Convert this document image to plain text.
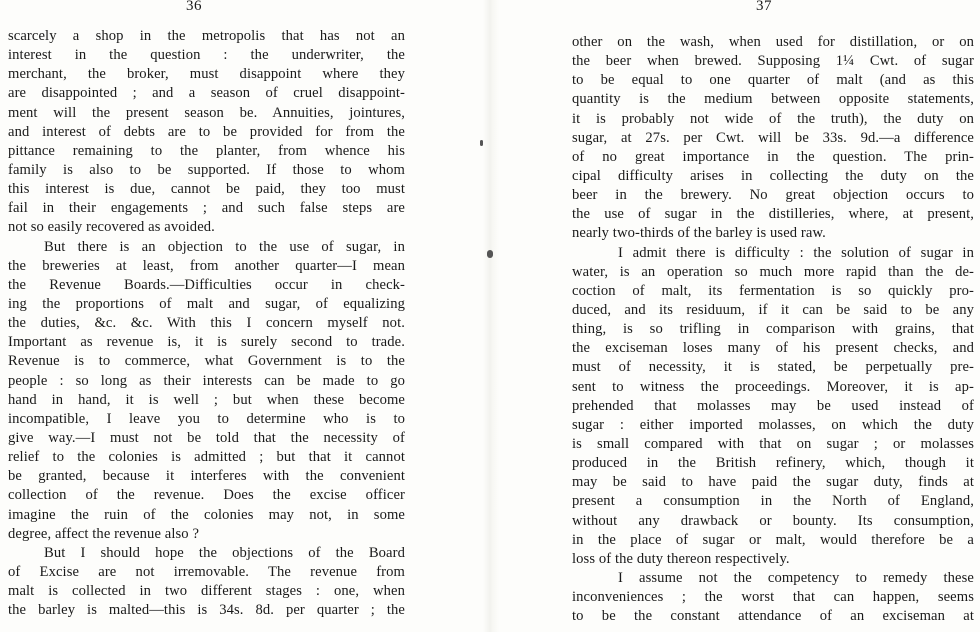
36
scarcely a shop in the metropolis that has not an
interest in the question : the underwriter, the
merchant, the broker, must disappoint where they
are disappointed ; and a season of cruel disappoint-
ment will the present season be. Annuities, jointures,
and interest of debts are to be provided for from the
pittance remaining to the planter, from whence his
family is also to be supported. If those to whom
this interest is due, cannot be paid, they too must
fail in their engagements ; and such false steps are
not so easily recovered as avoided.
But there is an objection to the use of sugar, in
the breweries at least, from another quarter—I mean
the Revenue Boards.—Difficulties occur in check-
ing the proportions of malt and sugar, of equalizing
the duties, &c. &c. With this I concern myself not.
Important as revenue is, it is surely second to trade.
Revenue is to commerce, what Government is to the
people : so long as their interests can be made to go
hand in hand, it is well ; but when these become
incompatible, I leave you to determine who is to
give way.—I must not be told that the necessity of
relief to the colonies is admitted ; but that it cannot
be granted, because it interferes with the convenient
collection of the revenue. Does the excise officer
imagine the ruin of the colonies may not, in some
degree, affect the revenue also ?
But I should hope the objections of the Board
of Excise are not irremovable. The revenue from
malt is collected in two different stages : one, when
the barley is malted—this is 34s. 8d. per quarter ; the
37
other on the wash, when used for distillation, or on
the beer when brewed. Supposing 1¼ Cwt. of sugar
to be equal to one quarter of malt (and as this
quantity is the medium between opposite statements,
it is probably not wide of the truth), the duty on
sugar, at 27s. per Cwt. will be 33s. 9d.—a difference
of no great importance in the question. The prin-
cipal difficulty arises in collecting the duty on the
beer in the brewery. No great objection occurs to
the use of sugar in the distilleries, where, at present,
nearly two-thirds of the barley is used raw.
I admit there is difficulty : the solution of sugar in
water, is an operation so much more rapid than the de-
coction of malt, its fermentation is so quickly pro-
duced, and its residuum, if it can be said to be any
thing, is so trifling in comparison with grains, that
the exciseman loses many of his present checks, and
must of necessity, it is stated, be perpetually pre-
sent to witness the proceedings. Moreover, it is ap-
prehended that molasses may be used instead of
sugar : either imported molasses, on which the duty
is small compared with that on sugar ; or molasses
produced in the British refinery, which, though it
may be said to have paid the sugar duty, finds at
present a consumption in the North of England,
without any drawback or bounty. Its consumption,
in the place of sugar or malt, would therefore be a
loss of the duty thereon respectively.
I assume not the competency to remedy these
inconveniences ; the worst that can happen, seems
to be the constant attendance of an exciseman at
